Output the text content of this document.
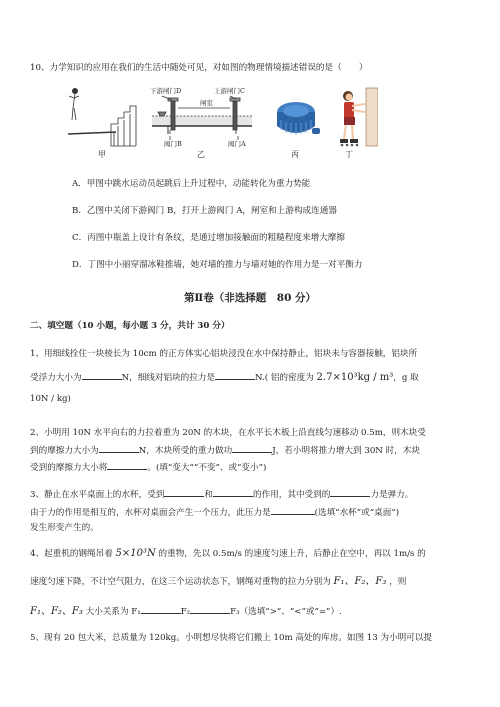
10、力学知识的应用在我们的生活中随处可见，对如图的物理情境描述错误的是（　　）
甲
下游闸门D	上游闸门C
闸室
阀门B	阀门A
乙	丙	丁
A．甲图中跳水运动员起跳后上升过程中，动能转化为重力势能
B．乙图中关闭下游阀门 B，打开上游阀门 A，闸室和上游构成连通器
C．丙图中瓶盖上设计有条纹，是通过增加接触面的粗糙程度来增大摩擦
D．丁图中小丽穿溜冰鞋推墙，她对墙的推力与墙对她的作用力是一对平衡力
第Ⅱ卷（非选择题　80 分）
二、填空题（10 小题，每小题 3 分，共计 30 分）
1、用细线拴住一块棱长为 10cm 的正方体实心铝块浸没在水中保持静止，铝块未与容器接触，铝块所
受浮力大小为	N，细线对铝块的拉力是	N.( 铝的密度为 2.7×10³kg / m³，g 取
10N / kg)
2、小明用 10N 水平向右的力拉着重为 20N 的木块，在水平长木板上沿直线匀速移动 0.5m，则木块受
到的摩擦力大小为	N，木块所受的重力做功	J，若小明将推力增大到 30N 时，木块
受到的摩擦力大小将	。(填“变大”“不变”、或“变小”)
3、静止在水平桌面上的水杯，受到	和	的作用，其中受到的	力是弹力。
由于力的作用是相互的，水杯对桌面会产生一个压力，此压力是	(选填“水杯”或“桌面”)
发生形变产生的。
4、起重机的钢绳吊着 5×10³N 的重物，先以 0.5m/s 的速度匀速上升，后静止在空中，再以 1m/s 的
速度匀速下降，不计空气阻力，在这三个运动状态下，钢绳对重物的拉力分别为 F₁、F₂、F₃ ，则
F₁、F₂、F₃ 大小关系为 F₁	F₂	F₃（选填“>”、“<”或“=”）.
5、现有 20 包大米，总质量为 120kg。小明想尽快将它们搬上 10m 高处的库房。如图 13 为小明可以提
